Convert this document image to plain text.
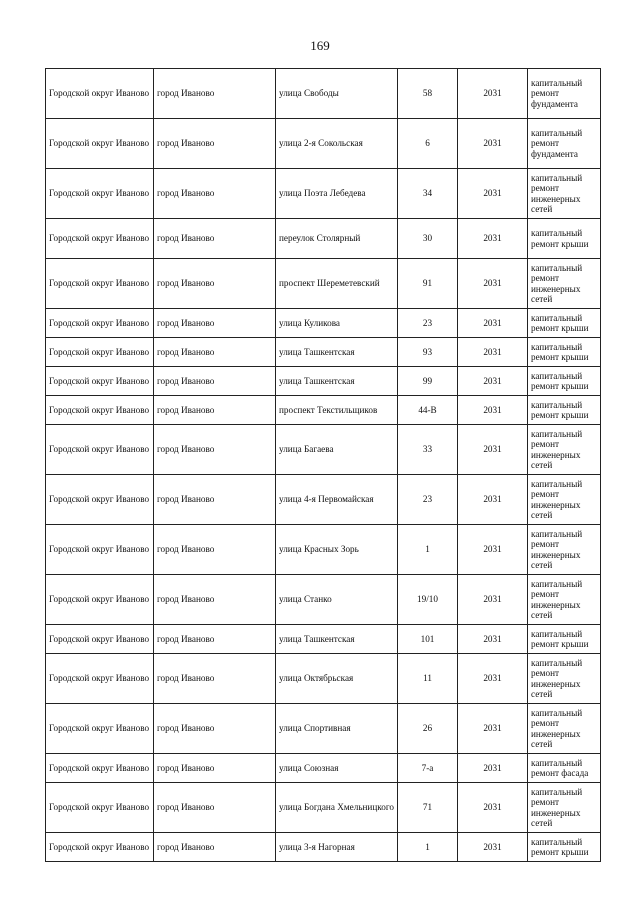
169
Городской округ Иваново	город Иваново	улица Свободы	58	2031	капитальный ремонт фундамента
Городской округ Иваново	город Иваново	улица 2-я Сокольская	6	2031	капитальный ремонт фундамента
Городской округ Иваново	город Иваново	улица Поэта Лебедева	34	2031	капитальный ремонт инженерных сетей
Городской округ Иваново	город Иваново	переулок Столярный	30	2031	капитальный ремонт крыши
Городской округ Иваново	город Иваново	проспект Шереметевский	91	2031	капитальный ремонт инженерных сетей
Городской округ Иваново	город Иваново	улица Куликова	23	2031	капитальный ремонт крыши
Городской округ Иваново	город Иваново	улица Ташкентская	93	2031	капитальный ремонт крыши
Городской округ Иваново	город Иваново	улица Ташкентская	99	2031	капитальный ремонт крыши
Городской округ Иваново	город Иваново	проспект Текстильщиков	44-В	2031	капитальный ремонт крыши
Городской округ Иваново	город Иваново	улица Багаева	33	2031	капитальный ремонт инженерных сетей
Городской округ Иваново	город Иваново	улица 4-я Первомайская	23	2031	капитальный ремонт инженерных сетей
Городской округ Иваново	город Иваново	улица Красных Зорь	1	2031	капитальный ремонт инженерных сетей
Городской округ Иваново	город Иваново	улица Станко	19/10	2031	капитальный ремонт инженерных сетей
Городской округ Иваново	город Иваново	улица Ташкентская	101	2031	капитальный ремонт крыши
Городской округ Иваново	город Иваново	улица Октябрьская	11	2031	капитальный ремонт инженерных сетей
Городской округ Иваново	город Иваново	улица Спортивная	26	2031	капитальный ремонт инженерных сетей
Городской округ Иваново	город Иваново	улица Союзная	7-а	2031	капитальный ремонт фасада
Городской округ Иваново	город Иваново	улица Богдана Хмельницкого	71	2031	капитальный ремонт инженерных сетей
Городской округ Иваново	город Иваново	улица 3-я Нагорная	1	2031	капитальный ремонт крыши
